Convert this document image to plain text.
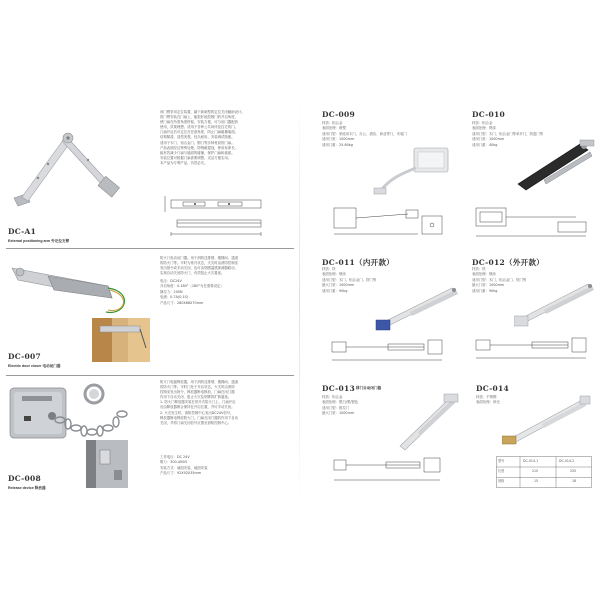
DC-A1
External positioning arm 外定位支臂
该门臂采用定位装置，属于新颖型的定位关闭辅助设计。
将门臂安装在门扇上，能很好地控制门的开启角度，
使门扇在所需角度停留，安装方便，可与闭门器配套
使用，效果理想。适用于各种公共场所及住宅的门。
门扇开启后可定位在任意角度，防止门扇碰撞墙面。
结构紧凑，造型美观，经久耐用，安装调试简便。
适用于木门、铝合金门、钢门等多种材质的门扇。
产品表面经过特殊处理，防锈耐腐蚀，使用寿命长。
能有效减少门扇与墙面的碰撞，保护门扇和墙面。
安装位置可根据门扇需要调整，灵活方便实用。
本产品为专利产品，仿冒必究。
DC-007
Electric door closer 电动闭门器
防火门电动闭门器。用于消防送排烟、楼梯间、通道
的防火门等。平时为常开状态，火灾时由消防控制室
发出指令或手动关闭，也可由烟感温感探测器联动，
实现自动关闭防火门，有效阻止火灾蔓延。
电压：DC24V
开启角度：0-180°（180°为在需要设定）
静拉力：200N
电流：0.7A(0.1S)
产品尺寸：280X68X70mm
DC-008
Release device 释放器
防火门电磁释放器，用于消防送排烟、楼梯间、通道
的防火门等。平时门处于开启状态，火灾时由消防
控制室发出指令，释放器断电释放，门扇在闭门器
作用下自动关闭，阻止火灾及烟雾的扩散蔓延。
1. 防火门释放器安装在常开式防火门上，门扇开启
后由释放器吸合保持在开启位置，并可手动关闭。
2. 火灾发生时，消防控制中心发出DC24V信号，
释放器断电释放防火门，门扇在闭门器的作用下自动
关闭，并将门扇关闭信号反馈至消防控制中心。
工作电压：DC 24V
吸力：300-400N
安装方式：墙面安装、地面安装
产品尺寸：92X92X35mm
DC-009
材质：铝合金
表面处理：喷塑
适用门型：家庭用木门、办公、酒店、商业等门，安装门
适用门宽：1000mm
适用门重：25-60kg
DC-010
材质：铝合金
表面处理：烤漆
适用门型：木门、铝合金门等单开门，防盗门等
适用门宽：1000mm
适用门重：40kg
DC-011（内开款）
材质：铁
表面处理：喷涂
适用门型：木门、铝合金门、铁门等
最大门宽：1000mm
适用门重：90kg
DC-012（外开款）
材质：铁
表面处理：喷涂
适用门型：木门、铝合金门、铁门等
最大门宽：1000mm
适用门重：90kg
DC-013 移门自动闭门器
材质：铝合金
表面处理：银白/黑/银色
适用门型：推拉门
最大门宽：1000mm
DC-014
材质：不锈钢
表面处理：砂光
型号	DC-014-1	DC-014-2
长度	210	250
规格	15	18
